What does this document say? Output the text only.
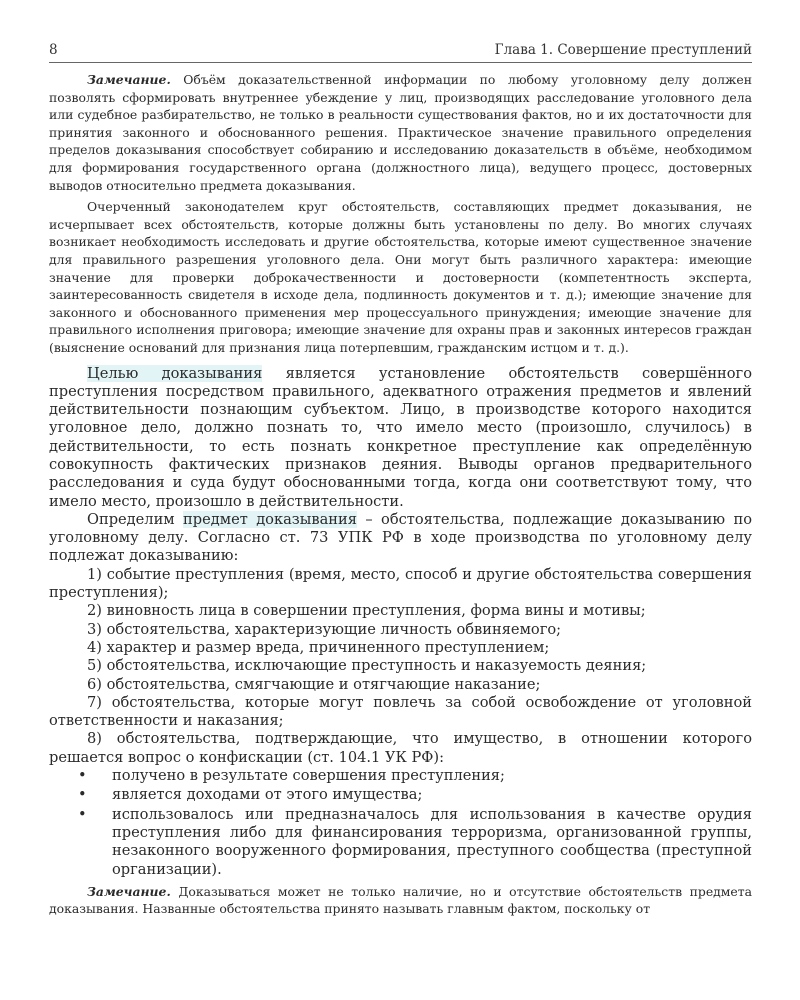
8	Глава 1. Совершение преступлений

Замечание. Объём доказательственной информации по любому уголовному делу должен позволять сформировать внутреннее убеждение у лиц, производящих расследование уголовного дела или судебное разбирательство, не только в реальности существования фактов, но и их достаточности для принятия законного и обоснованного решения. Практическое значение правильного определения пределов доказывания способствует собиранию и исследованию доказательств в объёме, необходимом для формирования государственного органа (должностного лица), ведущего процесс, достоверных выводов относительно предмета доказывания.

Очерченный законодателем круг обстоятельств, составляющих предмет доказывания, не исчерпывает всех обстоятельств, которые должны быть установлены по делу. Во многих случаях возникает необходимость исследовать и другие обстоятельства, которые имеют существенное значение для правильного разрешения уголовного дела. Они могут быть различного характера: имеющие значение для проверки доброкачественности и достоверности (компетентность эксперта, заинтересованность свидетеля в исходе дела, подлинность документов и т. д.); имеющие значение для законного и обоснованного применения мер процессуального принуждения; имеющие значение для правильного исполнения приговора; имеющие значение для охраны прав и законных интересов граждан (выяснение оснований для признания лица потерпевшим, гражданским истцом и т. д.).

Целью доказывания является установление обстоятельств совершённого преступления посредством правильного, адекватного отражения предметов и явлений действительности познающим субъектом. Лицо, в производстве которого находится уголовное дело, должно познать то, что имело место (произошло, случилось) в действительности, то есть познать конкретное преступление как определённую совокупность фактических признаков деяния. Выводы органов предварительного расследования и суда будут обоснованными тогда, когда они соответствуют тому, что имело место, произошло в действительности.

Определим предмет доказывания – обстоятельства, подлежащие доказыванию по уголовному делу. Согласно ст. 73 УПК РФ в ходе производства по уголовному делу подлежат доказыванию:

1) событие преступления (время, место, способ и другие обстоятельства совершения преступления);

2) виновность лица в совершении преступления, форма вины и мотивы;

3) обстоятельства, характеризующие личность обвиняемого;

4) характер и размер вреда, причиненного преступлением;

5) обстоятельства, исключающие преступность и наказуемость деяния;

6) обстоятельства, смягчающие и отягчающие наказание;

7) обстоятельства, которые могут повлечь за собой освобождение от уголовной ответственности и наказания;

8) обстоятельства, подтверждающие, что имущество, в отношении которого решается вопрос о конфискации (ст. 104.1 УК РФ):

• получено в результате совершения преступления;
• является доходами от этого имущества;
• использовалось или предназначалось для использования в качестве орудия преступления либо для финансирования терроризма, организованной группы, незаконного вооруженного формирования, преступного сообщества (преступной организации).

Замечание. Доказываться может не только наличие, но и отсутствие обстоятельств предмета доказывания. Названные обстоятельства принято называть главным фактом, поскольку от
